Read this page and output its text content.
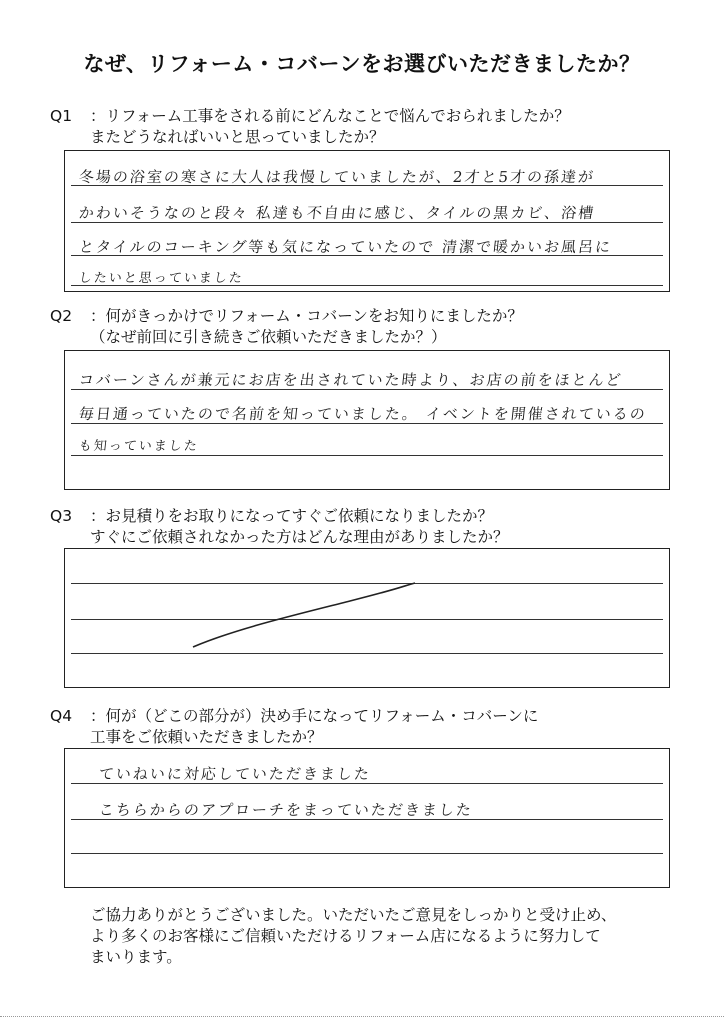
なぜ、リフォーム・コバーンをお選びいただきましたか？
Q1 ：リフォーム工事をされる前にどんなことで悩んでおられましたか？
またどうなればいいと思っていましたか？
冬場の浴室の寒さに大人は我慢していましたが、2才と5才の孫達が
かわいそうなのと段々 私達も不自由に感じ、タイルの黒カビ、浴槽
とタイルのコーキング等も気になっていたので 清潔で暖かいお風呂に
したいと思っていました
Q2 ：何がきっかけでリフォーム・コバーンをお知りにましたか？
（なぜ前回に引き続きご依頼いただきましたか？）
コバーンさんが兼元にお店を出されていた時より、お店の前をほとんど
毎日通っていたので名前を知っていました。 イベントを開催されているの
も知っていました
Q3 ：お見積りをお取りになってすぐご依頼になりましたか？
すぐにご依頼されなかった方はどんな理由がありましたか？
Q4 ：何が（どこの部分が）決め手になってリフォーム・コバーンに
工事をご依頼いただきましたか？
ていねいに対応していただきました
こちらからのアプローチをまっていただきました
ご協力ありがとうございました。いただいたご意見をしっかりと受け止め、
より多くのお客様にご信頼いただけるリフォーム店になるように努力して
まいります。
